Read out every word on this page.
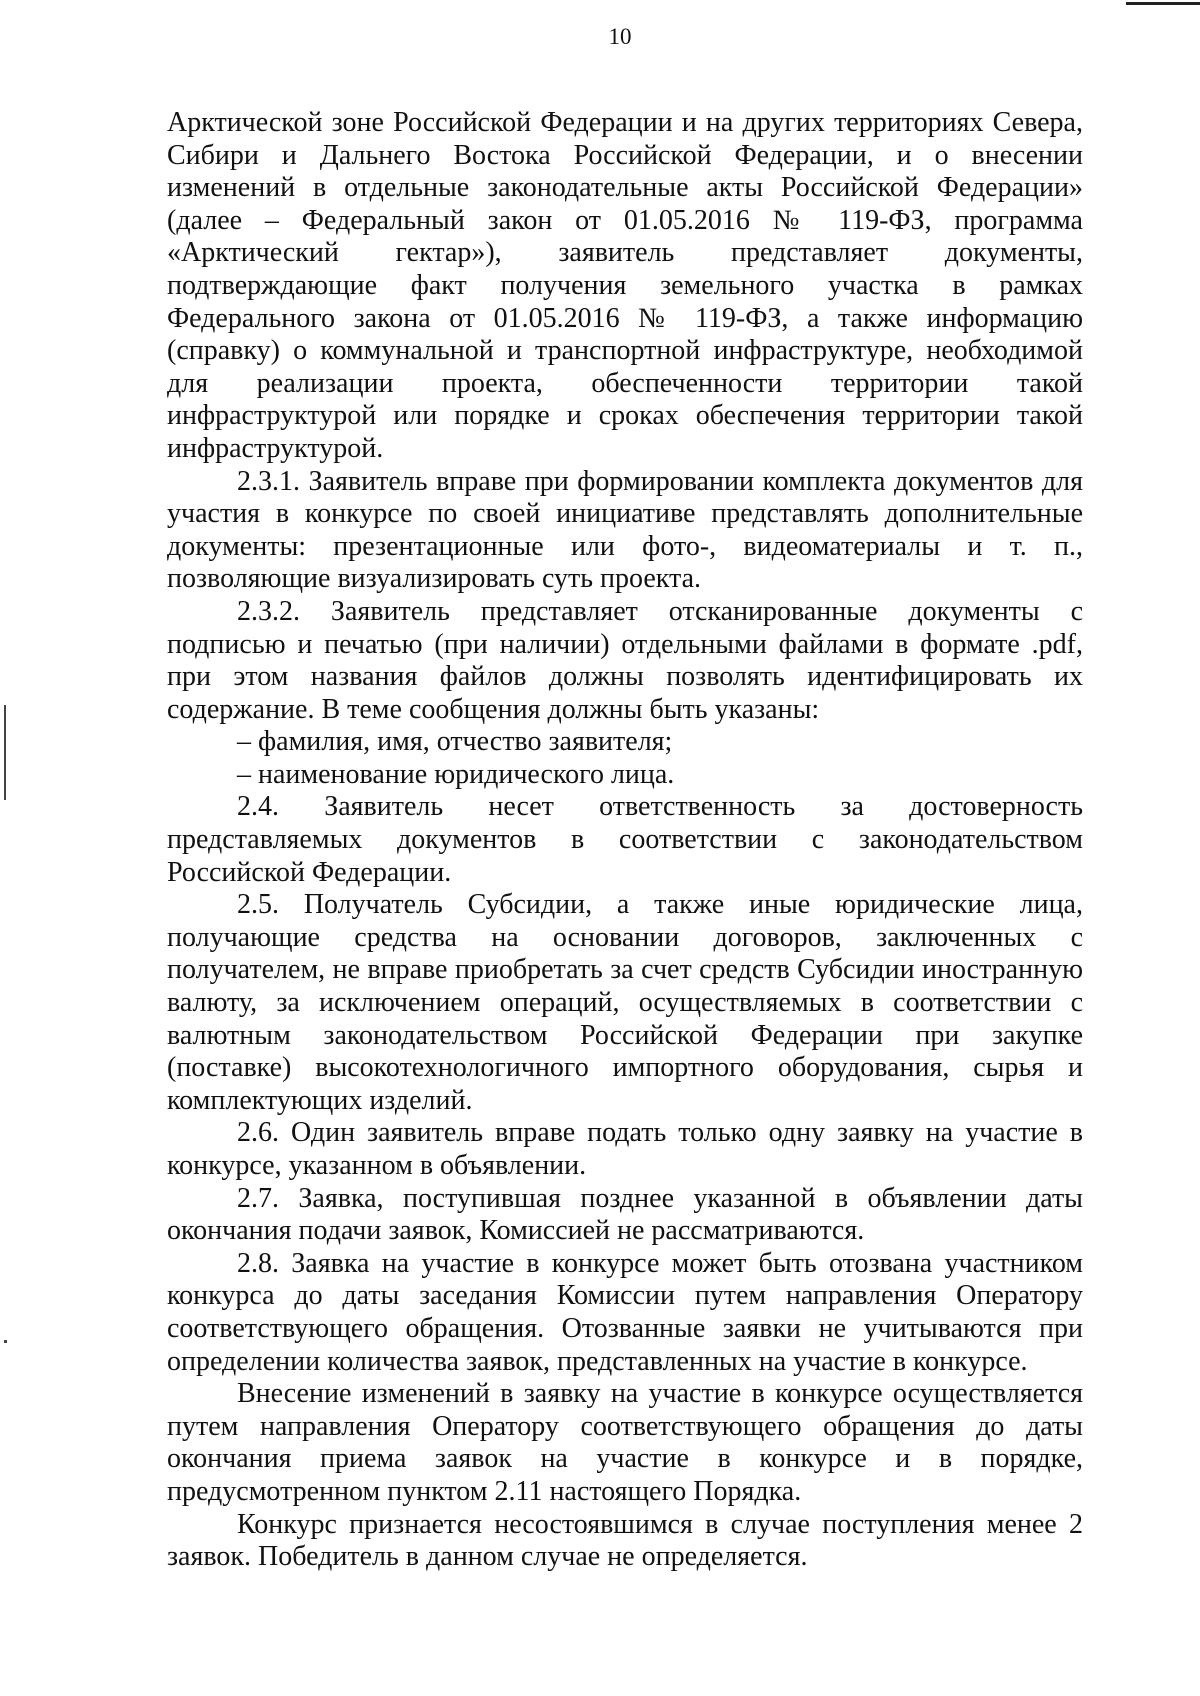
10

Арктической зоне Российской Федерации и на других территориях Севера, Сибири и Дальнего Востока Российской Федерации, и о внесении изменений в отдельные законодательные акты Российской Федерации» (далее – Федеральный закон от 01.05.2016 № 119-ФЗ, программа «Арктический гектар»), заявитель представляет документы, подтверждающие факт получения земельного участка в рамках Федерального закона от 01.05.2016 № 119-ФЗ, а также информацию (справку) о коммунальной и транспортной инфраструктуре, необходимой для реализации проекта, обеспеченности территории такой инфраструктурой или порядке и сроках обеспечения территории такой инфраструктурой.

2.3.1. Заявитель вправе при формировании комплекта документов для участия в конкурсе по своей инициативе представлять дополнительные документы: презентационные или фото-, видеоматериалы и т. п., позволяющие визуализировать суть проекта.

2.3.2. Заявитель представляет отсканированные документы с подписью и печатью (при наличии) отдельными файлами в формате .pdf, при этом названия файлов должны позволять идентифицировать их содержание. В теме сообщения должны быть указаны:

– фамилия, имя, отчество заявителя;

– наименование юридического лица.

2.4. Заявитель несет ответственность за достоверность представляемых документов в соответствии с законодательством Российской Федерации.

2.5. Получатель Субсидии, а также иные юридические лица, получающие средства на основании договоров, заключенных с получателем, не вправе приобретать за счет средств Субсидии иностранную валюту, за исключением операций, осуществляемых в соответствии с валютным законодательством Российской Федерации при закупке (поставке) высокотехнологичного импортного оборудования, сырья и комплектующих изделий.

2.6. Один заявитель вправе подать только одну заявку на участие в конкурсе, указанном в объявлении.

2.7. Заявка, поступившая позднее указанной в объявлении даты окончания подачи заявок, Комиссией не рассматриваются.

2.8. Заявка на участие в конкурсе может быть отозвана участником конкурса до даты заседания Комиссии путем направления Оператору соответствующего обращения. Отозванные заявки не учитываются при определении количества заявок, представленных на участие в конкурсе.

Внесение изменений в заявку на участие в конкурсе осуществляется путем направления Оператору соответствующего обращения до даты окончания приема заявок на участие в конкурсе и в порядке, предусмотренном пунктом 2.11 настоящего Порядка.

Конкурс признается несостоявшимся в случае поступления менее 2 заявок. Победитель в данном случае не определяется.
